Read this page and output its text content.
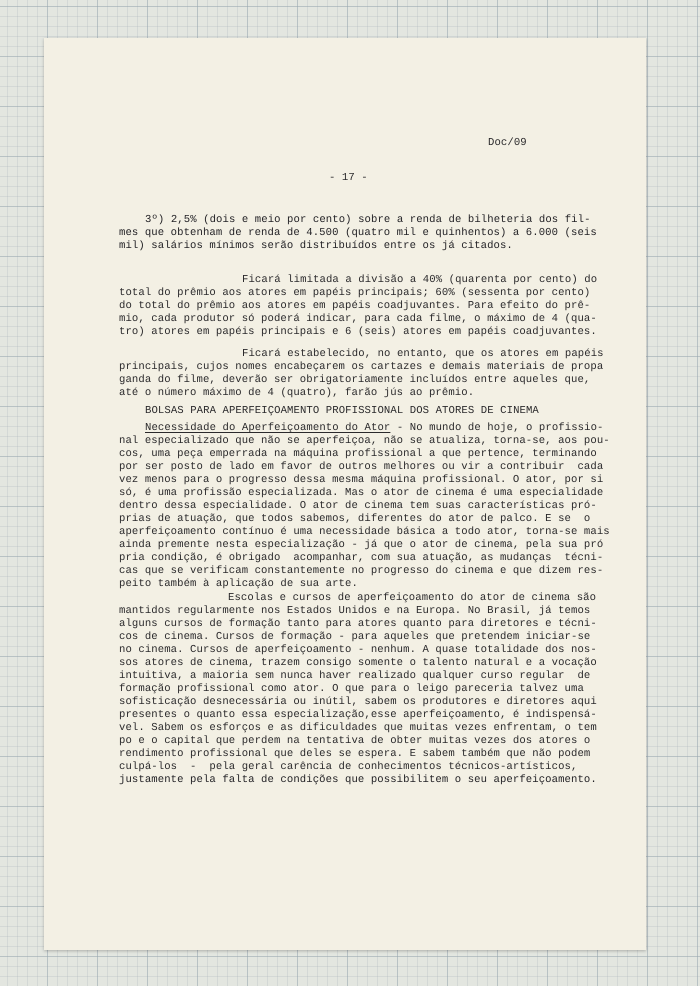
Doc/09
- 17 -
3º) 2,5% (dois e meio por cento) sobre a renda de bilheteria dos fil-
mes que obtenham de renda de 4.500 (quatro mil e quinhentos) a 6.000 (seis
mil) salários mínimos serão distribuídos entre os já citados.
Ficará limitada a divisão a 40% (quarenta por cento) do
total do prêmio aos atores em papéis principais; 60% (sessenta por cento)
do total do prêmio aos atores em papéis coadjuvantes. Para efeito do prê-
mio, cada produtor só poderá indicar, para cada filme, o máximo de 4 (qua-
tro) atores em papéis principais e 6 (seis) atores em papéis coadjuvantes.
Ficará estabelecido, no entanto, que os atores em papéis
principais, cujos nomes encabeçarem os cartazes e demais materiais de propa
ganda do filme, deverão ser obrigatoriamente incluídos entre aqueles que,
até o número máximo de 4 (quatro), farão jús ao prêmio.
BOLSAS PARA APERFEIÇOAMENTO PROFISSIONAL DOS ATORES DE CINEMA
Necessidade do Aperfeiçoamento do Ator - No mundo de hoje, o profissio-
nal especializado que não se aperfeiçoa, não se atualiza, torna-se, aos pou-
cos, uma peça emperrada na máquina profissional a que pertence, terminando
por ser posto de lado em favor de outros melhores ou vir a contribuir  cada
vez menos para o progresso dessa mesma máquina profissional. O ator, por si
só, é uma profissão especializada. Mas o ator de cinema é uma especialidade
dentro dessa especialidade. O ator de cinema tem suas características pró-
prias de atuação, que todos sabemos, diferentes do ator de palco. E se  o
aperfeiçoamento contínuo é uma necessidade básica a todo ator, torna-se mais
ainda premente nesta especialização - já que o ator de cinema, pela sua pró
pria condição, é obrigado  acompanhar, com sua atuação, as mudanças  técni-
cas que se verificam constantemente no progresso do cinema e que dizem res-
peito também à aplicação de sua arte.
Escolas e cursos de aperfeiçoamento do ator de cinema são
mantidos regularmente nos Estados Unidos e na Europa. No Brasil, já temos
alguns cursos de formação tanto para atores quanto para diretores e técni-
cos de cinema. Cursos de formação - para aqueles que pretendem iniciar-se
no cinema. Cursos de aperfeiçoamento - nenhum. A quase totalidade dos nos-
sos atores de cinema, trazem consigo somente o talento natural e a vocação
intuitiva, a maioria sem nunca haver realizado qualquer curso regular  de
formação profissional como ator. O que para o leigo pareceria talvez uma
sofisticação desnecessária ou inútil, sabem os produtores e diretores aqui
presentes o quanto essa especialização,esse aperfeiçoamento, é indispensá-
vel. Sabem os esforços e as dificuldades que muitas vezes enfrentam, o tem
po e o capital que perdem na tentativa de obter muitas vezes dos atores o
rendimento profissional que deles se espera. E sabem também que não podem
culpá-los  -  pela geral carência de conhecimentos técnicos-artísticos,
justamente pela falta de condições que possibilitem o seu aperfeiçoamento.
